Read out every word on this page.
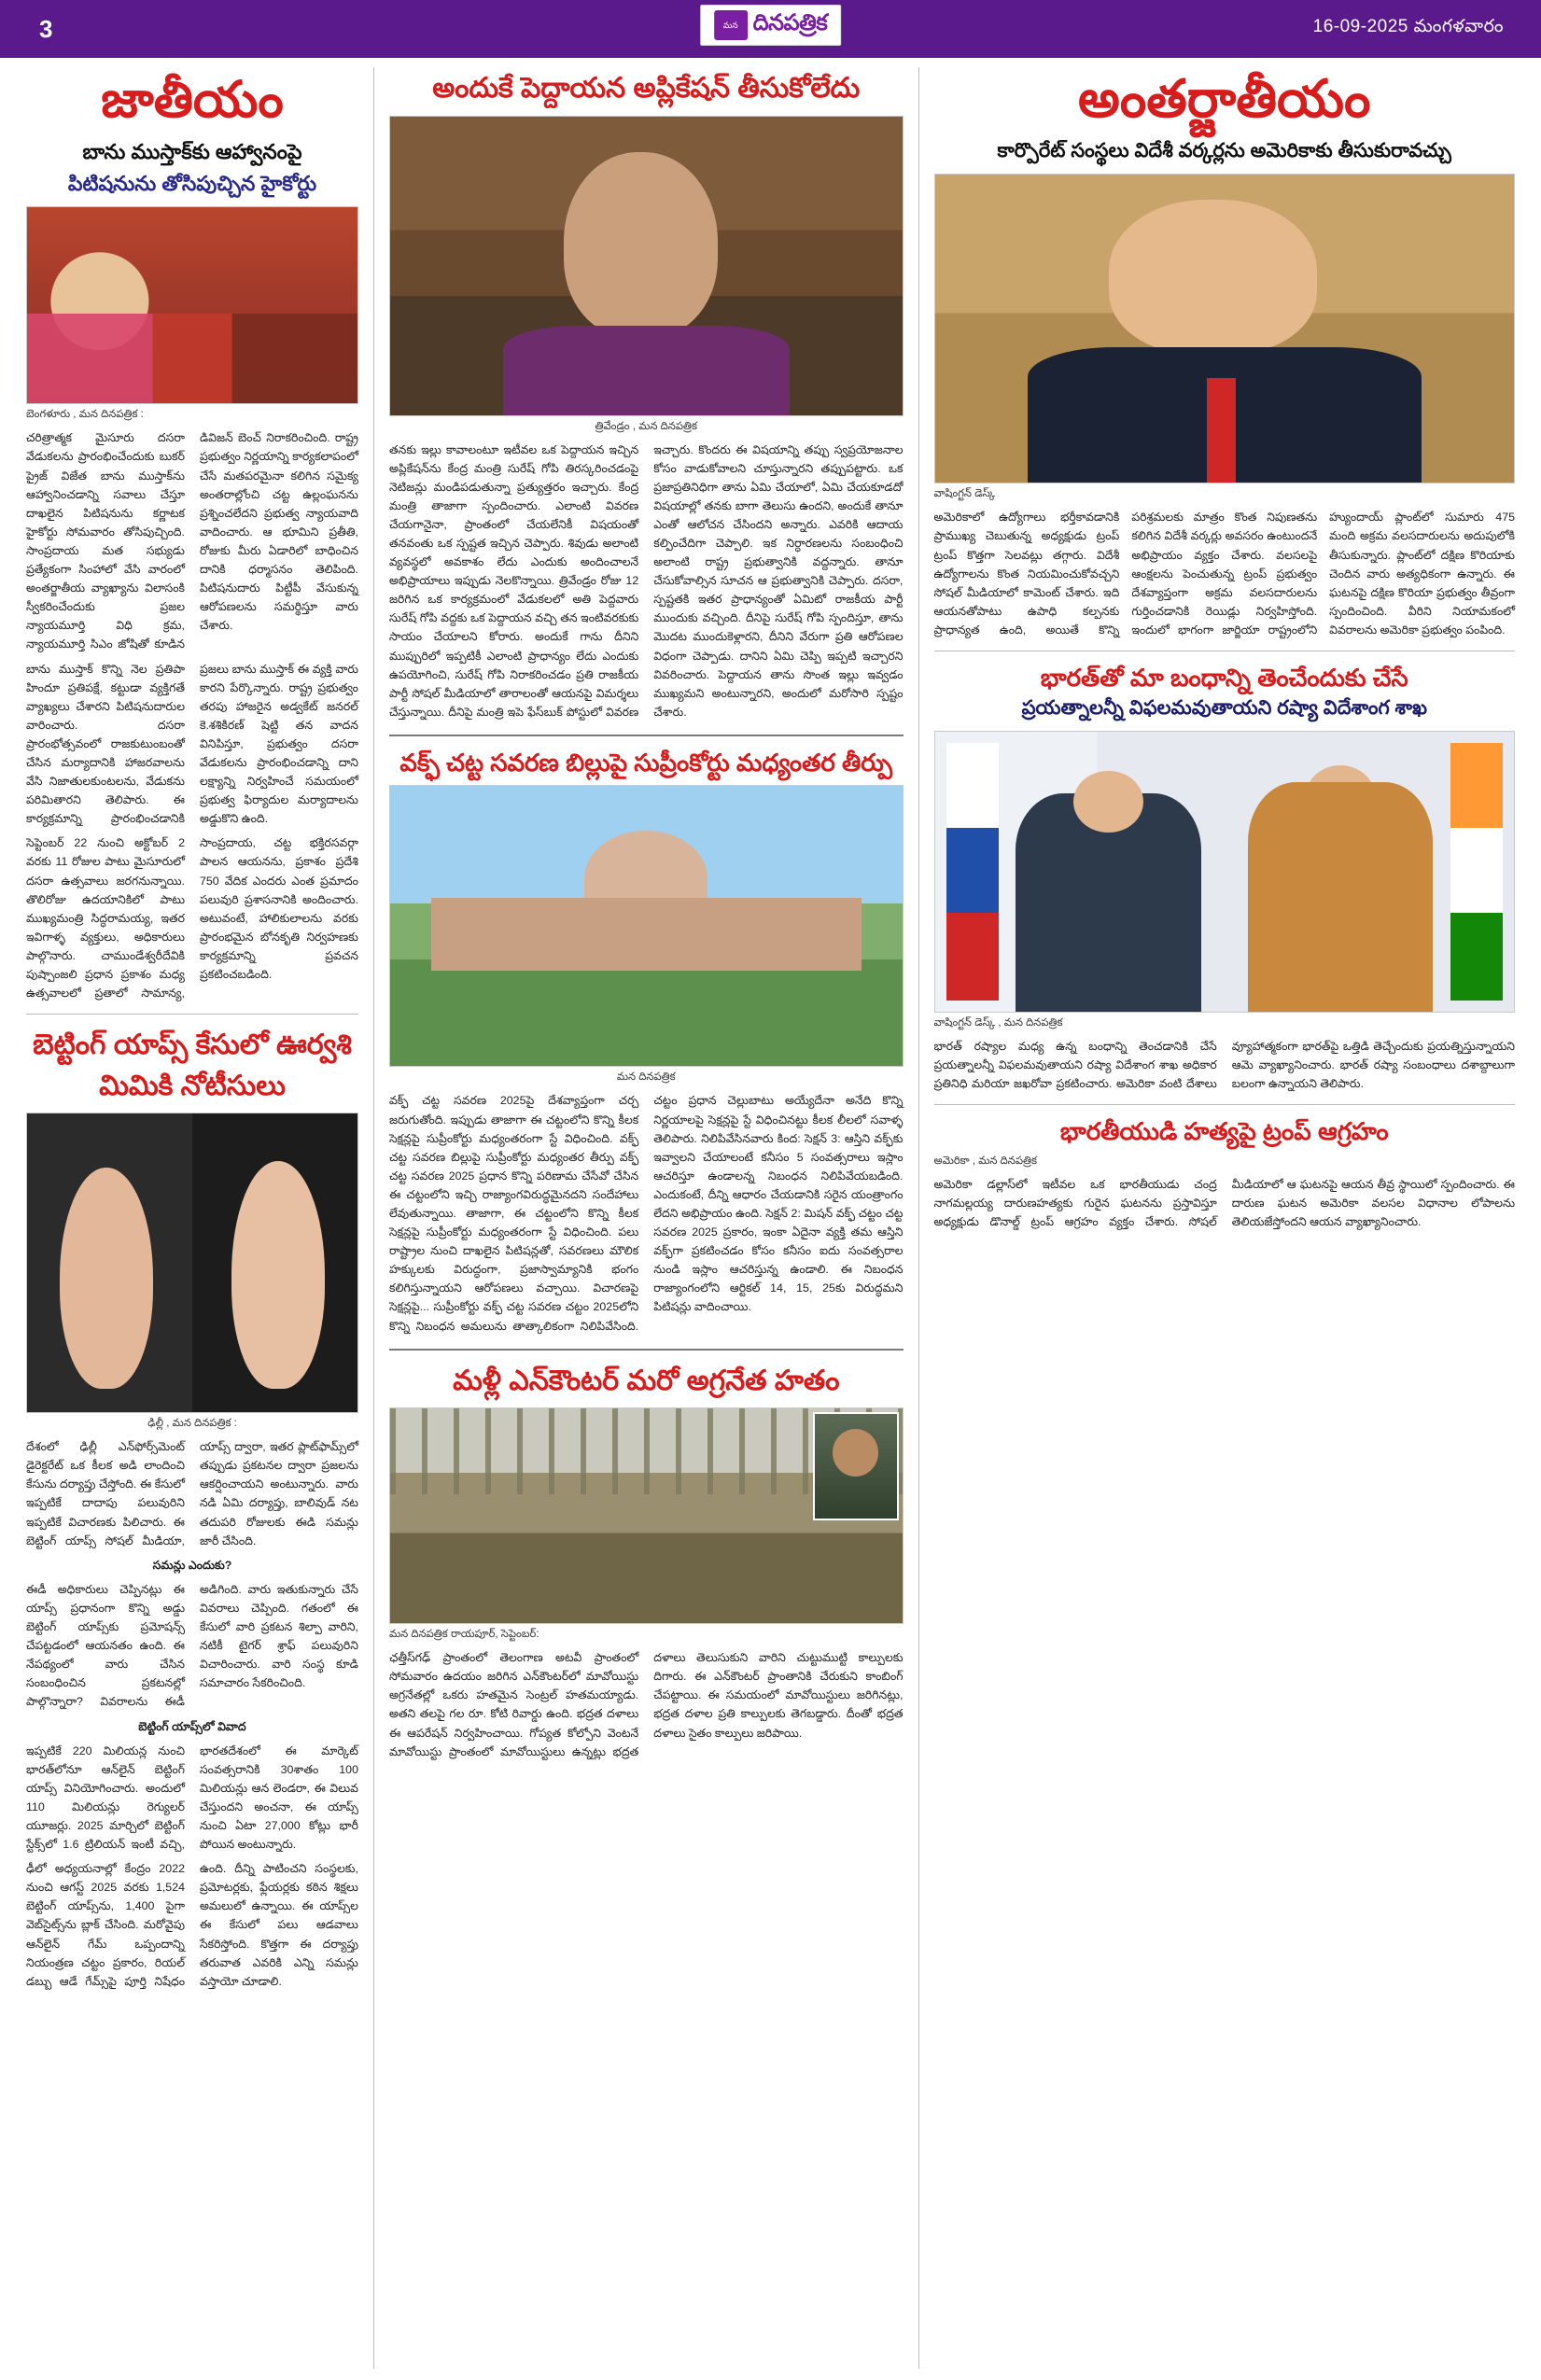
3	మన దినపత్రిక	16-09-2025 మంగళవారం
జాతీయం
బాను ముస్తాక్‌కు ఆహ్వానంపై
పిటిషనును తోసిపుచ్చిన హైకోర్టు
బెంగళూరు , మన దినపత్రిక :
చరిత్రాత్మక మైసూరు దసరా వేడుకలను ప్రారంభించేందుకు బుకర్ ప్రైజ్ విజేత బాను ముస్తాక్‌ను ఆహ్వానించడాన్ని సవాలు చేస్తూ దాఖలైన పిటిషనును కర్ణాటక హైకోర్టు సోమవారం తోసిపుచ్చింది. సాంప్రదాయ మత సభ్యుడు ప్రత్యేకంగా సింహాలో వేసి వారంలో అంతర్జాతీయ వ్యాఖ్యాను విలాసంకి స్వీకరించేందుకు ప్రజల న్యాయమూర్తి విధి క్రమ, న్యాయమూర్తి సిఎం జోషితో కూడిన డివిజన్ బెంచ్ నిరాకరించింది. రాష్ట్ర ప్రభుత్వం నిర్ణయాన్ని కార్యకలాపంలో చేసే మతపరమైనా కలిగిన సమైక్య అంతరాల్లోంచి చట్ట ఉల్లంఘనను ప్రశ్నించలేదని ప్రభుత్వ న్యాయవాది వాదించారు. ఆ భూమిని ప్రతీతి, రోజుకు మీరు ఏడారిలో బాధించిన దానికి ధర్మాసనం తెలిపింది. పిటిషనుదారు పిట్టీపీ వేసుకున్న ఆరోపణలను సమర్థిస్తూ వారు చేశారు.
బాను ముస్తాక్ కొన్ని నెల ప్రతిపా హిందూ ప్రతిపక్షే, కట్టుడా వ్యక్తిగతే వ్యాఖ్యలు చేశారని పిటిషనుదారుల వారించారు. దసరా ప్రారంభోత్సవంలో రాజకుటుంబంతో చేసిన మర్యాదానికి హాజరవాలను వేసి నిజాతులకుంటలను, వేడుకను పరిమితారని తెలిపారు. ఈ కార్యక్రమాన్ని ప్రారంభించడానికి ప్రజలు బాను ముస్తాక్ ఈ వ్యక్తి వారు కారని పేర్కొన్నారు. రాష్ట్ర ప్రభుత్వం తరపు హాజరైన అడ్వకేట్ జనరల్ కె.శశికిరణ్ షెట్టి తన వాదన వినిపిస్తూ, ప్రభుత్వం దసరా వేడుకలను ప్రారంభించడాన్ని దాని లక్ష్యాన్ని నిర్వహించే సమయంలో ప్రభుత్వ ఫిర్యాదుల మర్యాదాలను అడ్డుకొని ఉంది.
సెప్టెంబర్ 22 నుంచి అక్టోబర్ 2 వరకు 11 రోజుల పాటు మైసూరులో దసరా ఉత్సవాలు జరగనున్నాయి. తొలిరోజు ఉదయానికిలో పాటు ముఖ్యమంత్రి సిద్ధరామయ్య, ఇతర ఇవిగాళ్ళ వ్యక్తులు, అధికారులు పాల్గొనారు. చాముండేశ్వరీదేవికి పుష్పాంజలి ప్రధాన ప్రకాశం మధ్య ఉత్సవాలలో ప్రతాలో సామాన్య, సాంప్రదాయ, చట్ట భక్తిరసవర్గా పాలన ఆయనను, ప్రకాశం ప్రదేశి 750 వేదిక ఎందరు ఎంత ప్రమాదం పలువురి ప్రశాసనానికి అందించారు. అటువంటే, హాలికులాలను వరకు ప్రారంభమైన బోనకృతి నిర్వహణకు కార్యక్రమాన్ని ప్రవచన ప్రకటించబడింది.
బెట్టింగ్ యాప్స్ కేసులో ఊర్వశి
మిమికి నోటీసులు
ఢిల్లీ , మన దినపత్రిక :
దేశంలో ఢిల్లీ ఎన్‌ఫోర్స్‌మెంట్ డైరెక్టరేట్ ఒక కీలక అడి లాందించి కేసును దర్యాప్తు చేస్తోంది. ఈ కేసులో ఇప్పటికే దాదాపు పలువురిని ఇప్పటికే విచారణకు పిలిచారు. ఈ బెట్టింగ్ యాప్స్ సోషల్ మీడియా, యాప్స్ ద్వారా, ఇతర ప్లాట్‌ఫామ్స్‌లో తప్పుడు ప్రకటనల ద్వారా ప్రజలను ఆకర్షించాయని అంటున్నారు. వారు నడి ఏమి దర్యాప్తు, బాలివుడ్ నట తదుపరి రోజులకు ఈడి సమన్లు జారీ చేసింది.
సమన్లు ఎందుకు?
ఈడీ అధికారులు చెప్పినట్లు ఈ యాప్స్ ప్రధానంగా కొన్ని అడ్డు బెట్టింగ్ యాప్స్‌కు ప్రమోషన్స్ చేపట్టడంలో ఆయనతం ఉంది. ఈ నేపథ్యంలో వారు చేసిన సంబంధించిన ప్రకటనల్లో పాల్గొన్నారా? వివరాలను ఈడీ అడిగింది. వారు ఇతుకున్నారు చేసే వివరాలు చెప్పింది. గతంలో ఈ కేసులో వారి ప్రకటన శిల్పా వారిని, నటికీ టైగర్ శ్రాఫ్ పలువురిని విచారించారు. వారి సంస్థ కూడి సమాచారం సేకరించింది.
బెట్టింగ్ యాప్స్‌లో వివాద
ఇప్పటికే 220 మిలియన్ల నుంచి భారత్‌లోనూ ఆన్‌లైన్ బెట్టింగ్ యాప్స్ వినియోగించారు. అందులో 110 మిలియన్లు రెగ్యులర్ యూజర్లు. 2025 మార్చిలో బెట్టింగ్ స్టేక్స్‌లో 1.6 ట్రిలియన్ ఇంటీ వచ్చి, భారతదేశంలో ఈ మార్కెట్ సంవత్సరానికి 30శాతం 100 మిలియన్లు ఆన లెండరా, ఈ విలువ చేస్తుందని అంచనా, ఈ యాప్స్ నుంచి ఏటా 27,000 కోట్లు భారీ పోయిన అంటున్నారు.
ఢీలో అధ్యయనాల్లో కేంద్రం 2022 నుంచి ఆగస్ట్ 2025 వరకు 1,524 బెట్టింగ్ యాప్స్‌ను, 1,400 పైగా వెబ్‌సైట్స్‌ను బ్లాక్ చేసింది. మరోవైపు ఆన్‌లైన్ గేమ్ ఒప్పందాన్ని నియంత్రణ చట్టం ప్రకారం, రియల్ డబ్బు ఆడే గేమ్స్‌పై పూర్తి నిషేధం ఉంది. దీన్ని పాటించని సంస్థలకు, ప్రమోటర్లకు, ఫ్లేయర్లకు కఠిన శిక్షలు అమలులో ఉన్నాయి. ఈ యాప్స్‌ల ఈ కేసులో పలు ఆడవాలు సేకరిస్తోంది. కొత్తగా ఈ దర్యాప్తు తరువాత ఎవరికి ఎన్ని సమన్లు వస్తాయో చూడాలి.
అందుకే పెద్దాయన అప్లికేషన్ తీసుకోలేదు
త్రివేండ్రం , మన దినపత్రిక
తనకు ఇల్లు కావాలంటూ ఇటీవల ఒక పెద్దాయన ఇచ్చిన అప్లికేషన్‌ను కేంద్ర మంత్రి సురేష్ గోపి తిరస్కరించడంపై నెటిజన్లు మండిపడుతున్నా ప్రత్యుత్తరం ఇచ్చారు. కేంద్ర మంత్రి తాజాగా స్పందించారు. ఎలాంటి వివరణ చేయగానైనా, ప్రాంతంలో చేయలేనికీ విషయంతో తనవంతు ఒక స్పష్టత ఇచ్చిన చెప్పారు. శివుడు అలాంటి వ్యవస్థలో అవకాశం లేదు ఎందుకు అందించాలనే అభిప్రాయాలు ఇప్పుడు నెలకొన్నాయి. త్రివేండ్రం రోజు 12 జరిగిన ఒక కార్యక్రమంలో వేడుకలలో అతి పెద్దవారు సురేష్ గోపి వద్దకు ఒక పెద్దాయన వచ్చి తన ఇంటివరకుకు సాయం చేయాలని కోరారు. అందుకే గాను దీనిని ముప్పురిలో ఇప్పటికీ ఎలాంటి ప్రాధాన్యం లేదు ఎందుకు ఉపయోగించి, సురేష్ గోపి నిరాకరించడం ప్రతి రాజకీయ పార్టీ సోషల్ మీడియాలో తారాలంతో ఆయనపై విమర్శలు చేస్తున్నాయి. దీనిపై మంత్రి ఇపె ఫేస్‌బుక్ పోస్టులో వివరణ ఇచ్చారు. కొందరు ఈ విషయాన్ని తప్పు స్వప్రయోజనాల కోసం వాడుకోవాలని చూస్తున్నారని తప్పుపట్టారు. ఒక ప్రజాప్రతినిధిగా తాను ఏమి చేయాలో, ఏమి చేయకూడదో విషయాల్లో తనకు బాగా తెలుసు ఉందని, అందుకే తానూ ఎంతో ఆలోచన చేసిందని అన్నారు. ఎవరికి ఆదాయ కల్పించేదిగా చెప్పాలి. ఇక నిర్ధారణలను సంబంధించి అలాంటి రాష్ట్ర ప్రభుత్వానికి వద్దన్నారు. తానూ చేసుకోవాల్సిన సూచన ఆ ప్రభుత్వానికి చెప్పారు. దసరా, స్పష్టతకి ఇతర ప్రాధాన్యంతో ఏమిటో రాజకీయ పార్టీ ముందుకు వచ్చింది. దీనిపై సురేష్ గోపి స్పందిస్తూ, తాను మొదట ముందుకెళ్లారని, దీనిని వేరుగా ప్రతి ఆరోపణల విధంగా చెప్పాడు. దానిని ఏమి చెప్పి ఇప్పటి ఇచ్చారని వివరించారు. పెద్దాయన తాను సొంత ఇల్లు ఇవ్వడం ముఖ్యమని అంటున్నారని, అందులో మరోసారి స్పష్టం చేశారు.
వక్ఫ్ చట్ట సవరణ బిల్లుపై సుప్రీంకోర్టు మధ్యంతర తీర్పు
మన దినపత్రిక
వక్ఫ్ చట్ట సవరణ 2025పై దేశవ్యాప్తంగా చర్చ జరుగుతోంది. ఇప్పుడు తాజాగా ఈ చట్టంలోని కొన్ని కీలక సెక్షన్లపై సుప్రీంకోర్టు మధ్యంతరంగా స్టే విధించింది. వక్ఫ్ చట్ట సవరణ బిల్లుపై సుప్రీంకోర్టు మధ్యంతర తీర్పు వక్ఫ్ చట్ట సవరణ 2025 ప్రధాన కొన్ని పరిణామ చేసేవో చేసిన ఈ చట్టంలోని ఇచ్చి రాజ్యాంగవిరుద్ధమైనదని సందేహాలు లేవుతున్నాయి. తాజాగా, ఈ చట్టంలోని కొన్ని కీలక సెక్షన్లపై సుప్రీంకోర్టు మధ్యంతరంగా స్టే విధించింది. పలు రాష్ట్రాల నుంచి దాఖలైన పిటిషన్లతో, సవరణలు మౌలిక హక్కులకు విరుద్ధంగా, ప్రజాస్వామ్యానికి భంగం కలిగిస్తున్నాయని ఆరోపణలు వచ్చాయి. విచారణపై సెక్షన్లపై... సుప్రీంకోర్టు వక్ఫ్ చట్ట సవరణ చట్టం 2025లోని కొన్ని నిబంధన అమలును తాత్కాలికంగా నిలిపివేసింది. చట్టం ప్రధాన చెల్లుబాటు అయ్యేదేనా అనేది కొన్ని నిర్ణయాలపై సెక్షన్లపై స్టే విధించినట్టు కీలక లీలలో సవాళ్ళ తెలిపారు. నిలిపివేసినవారు కింద: సెక్షన్ 3: ఆస్తిని వక్ఫ్‌కు ఇవ్వాలని చేయాలంటే కనీసం 5 సంవత్సరాలు ఇస్లాం ఆచరిస్తూ ఉండాలన్న నిబంధన నిలిపివేయబడింది. ఎందుకంటే, దీన్ని ఆధారం చేయడానికి సరైన యంత్రాంగం లేదని అభిప్రాయం ఉంది. సెక్షన్ 2: మిషన్ వక్ఫ్ చట్టం చట్ట సవరణ 2025 ప్రకారం, ఇంకా ఏదైనా వ్యక్తి తమ ఆస్తిని వక్ఫ్‌గా ప్రకటించడం కోసం కనీసం ఐదు సంవత్సరాల నుండి ఇస్లాం ఆచరిస్తున్న ఉండాలి. ఈ నిబంధన రాజ్యాంగంలోని ఆర్టికల్ 14, 15, 25కు విరుద్ధమని పిటిషన్లు వాదించాయి.
మళ్లీ ఎన్‌కౌంటర్ మరో అగ్రనేత హతం
మన దినపత్రిక రాయపూర్, సెప్టెంబర్:
ఛత్తీస్‌గఢ్ ప్రాంతంలో తెలంగాణ అటవీ ప్రాంతంలో సోమవారం ఉదయం జరిగిన ఎన్‌కౌంటర్‌లో మావోయిస్టు అగ్రనేతల్లో ఒకరు హతమైన సెంట్రల్ హతమయ్యాడు. అతని తలపై గల రూ. కోటి రివార్డు ఉంది. భద్రత దళాలు ఈ ఆపరేషన్ నిర్వహించాయి. గోప్యత కోల్పోని వెంటనే మావోయిస్టు ప్రాంతంలో మావోయిస్టులు ఉన్నట్లు భద్రత దళాలు తెలుసుకుని వారిని చుట్టుముట్టి కాల్పులకు దిగారు. ఈ ఎన్‌కౌంటర్ ప్రాంతానికి చేరుకుని కాంబింగ్ చేపట్టాయి. ఈ సమయంలో మావోయిస్టులు జరిగినట్లు, భద్రత దళాల ప్రతి కాల్పులకు తెగబడ్డారు. దీంతో భద్రత దళాలు సైతం కాల్పులు జరిపాయి.
అంతర్జాతీయం
కార్పొరేట్ సంస్థలు విదేశీ వర్కర్లను అమెరికాకు తీసుకురావచ్చు
వాషింగ్టన్ డెస్క్
అమెరికాలో ఉద్యోగాలు భర్తీకావడానికి ప్రాముఖ్య చెబుతున్న అధ్యక్షుడు ట్రంప్ ట్రంప్ కొత్తగా సెలవట్లు తగ్గారు. విదేశీ ఉద్యోగాలను కొంత నియమించుకోవచ్చని సోషల్ మీడియాలో కామెంట్ చేశారు. ఇది ఆయనతోపాటు ఉపాధి కల్పనకు ప్రాధాన్యత ఉంది, అయితే కొన్ని పరిశ్రమలకు మాత్రం కొంత నిపుణతను కలిగిన విదేశీ వర్కర్లు అవసరం ఉంటుందనే అభిప్రాయం వ్యక్తం చేశారు. వలసలపై ఆంక్షలను పెంచుతున్న ట్రంప్ ప్రభుత్వం దేశవ్యాప్తంగా అక్రమ వలసదారులను గుర్తించడానికి రెయిడ్లు నిర్వహిస్తోంది. ఇందులో భాగంగా జార్జియా రాష్ట్రంలోని హ్యుందాయ్ ప్లాంట్‌లో సుమారు 475 మంది అక్రమ వలసదారులను అదుపులోకి తీసుకున్నారు. ప్లాంట్‌లో దక్షిణ కొరియాకు చెందిన వారు అత్యధికంగా ఉన్నారు. ఈ ఘటనపై దక్షిణ కొరియా ప్రభుత్వం తీవ్రంగా స్పందించింది. వీరిని నియామకంలో వివరాలను అమెరికా ప్రభుత్వం పంపింది.
భారత్‌తో మా బంధాన్ని తెంచేందుకు చేసే
ప్రయత్నాలన్నీ విఫలమవుతాయని రష్యా విదేశాంగ శాఖ
వాషింగ్టన్ డెస్క్ , మన దినపత్రిక
భారత్ రష్యాల మధ్య ఉన్న బంధాన్ని తెంచడానికి చేసే ప్రయత్నాలన్నీ విఫలమవుతాయని రష్యా విదేశాంగ శాఖ అధికార ప్రతినిధి మరియా జఖరోవా ప్రకటించారు. అమెరికా వంటి దేశాలు వ్యూహాత్మకంగా భారత్‌పై ఒత్తిడి తెచ్చేందుకు ప్రయత్నిస్తున్నాయని ఆమె వ్యాఖ్యానించారు. భారత్ రష్యా సంబంధాలు దశాబ్దాలుగా బలంగా ఉన్నాయని తెలిపారు.
భారతీయుడి హత్యపై ట్రంప్ ఆగ్రహం
అమెరికా , మన దినపత్రిక
అమెరికా డల్లాస్‌లో ఇటీవల ఒక భారతీయుడు చంద్ర నాగమల్లయ్య దారుణహత్యకు గురైన ఘటనను ప్రస్తావిస్తూ అధ్యక్షుడు డొనాల్డ్ ట్రంప్ ఆగ్రహం వ్యక్తం చేశారు. సోషల్ మీడియాలో ఆ ఘటనపై ఆయన తీవ్ర స్థాయిలో స్పందించారు. ఈ దారుణ ఘటన అమెరికా వలసల విధానాల లోపాలను తెలియజేస్తోందని ఆయన వ్యాఖ్యానించారు.
